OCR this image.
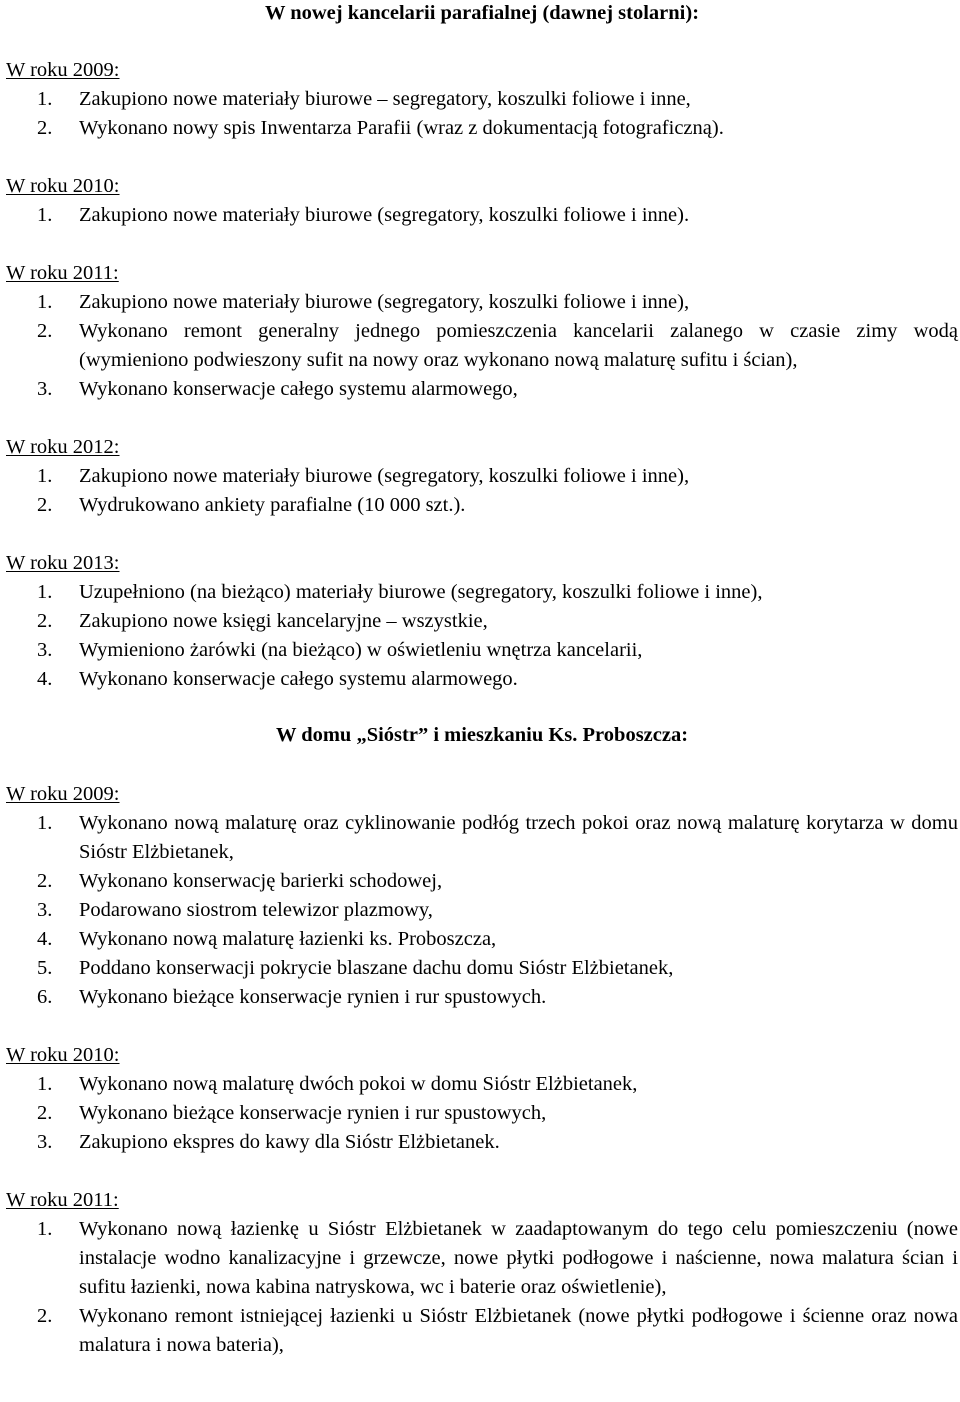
W nowej kancelarii parafialnej (dawnej stolarni):
W roku 2009:
1. Zakupiono nowe materiały biurowe – segregatory, koszulki foliowe i inne,
2. Wykonano nowy spis Inwentarza Parafii (wraz z dokumentacją fotograficzną).
W roku 2010:
1. Zakupiono nowe materiały biurowe (segregatory, koszulki foliowe i inne).
W roku 2011:
1. Zakupiono nowe materiały biurowe (segregatory, koszulki foliowe i inne),
2. Wykonano remont generalny jednego pomieszczenia kancelarii zalanego w czasie zimy wodą (wymieniono podwieszony sufit na nowy oraz wykonano nową malaturę sufitu i ścian),
3. Wykonano konserwacje całego systemu alarmowego,
W roku 2012:
1. Zakupiono nowe materiały biurowe (segregatory, koszulki foliowe i inne),
2. Wydrukowano ankiety parafialne (10 000 szt.).
W roku 2013:
1. Uzupełniono (na bieżąco) materiały biurowe (segregatory, koszulki foliowe i inne),
2. Zakupiono nowe księgi kancelaryjne – wszystkie,
3. Wymieniono żarówki (na bieżąco) w oświetleniu wnętrza kancelarii,
4. Wykonano konserwacje całego systemu alarmowego.
W domu „Sióstr” i mieszkaniu Ks. Proboszcza:
W roku 2009:
1. Wykonano nową malaturę oraz cyklinowanie podłóg trzech pokoi oraz nową malaturę korytarza w domu Sióstr Elżbietanek,
2. Wykonano konserwację barierki schodowej,
3. Podarowano siostrom telewizor plazmowy,
4. Wykonano nową malaturę łazienki ks. Proboszcza,
5. Poddano konserwacji pokrycie blaszane dachu domu Sióstr Elżbietanek,
6. Wykonano bieżące konserwacje rynien i rur spustowych.
W roku 2010:
1. Wykonano nową malaturę dwóch pokoi w domu Sióstr Elżbietanek,
2. Wykonano bieżące konserwacje rynien i rur spustowych,
3. Zakupiono ekspres do kawy dla Sióstr Elżbietanek.
W roku 2011:
1. Wykonano nową łazienkę u Sióstr Elżbietanek w zaadaptowanym do tego celu pomieszczeniu (nowe instalacje wodno kanalizacyjne i grzewcze, nowe płytki podłogowe i naścienne, nowa malatura ścian i sufitu łazienki, nowa kabina natryskowa, wc i baterie oraz oświetlenie),
2. Wykonano remont istniejącej łazienki u Sióstr Elżbietanek (nowe płytki podłogowe i ścienne oraz nowa malatura i nowa bateria),
